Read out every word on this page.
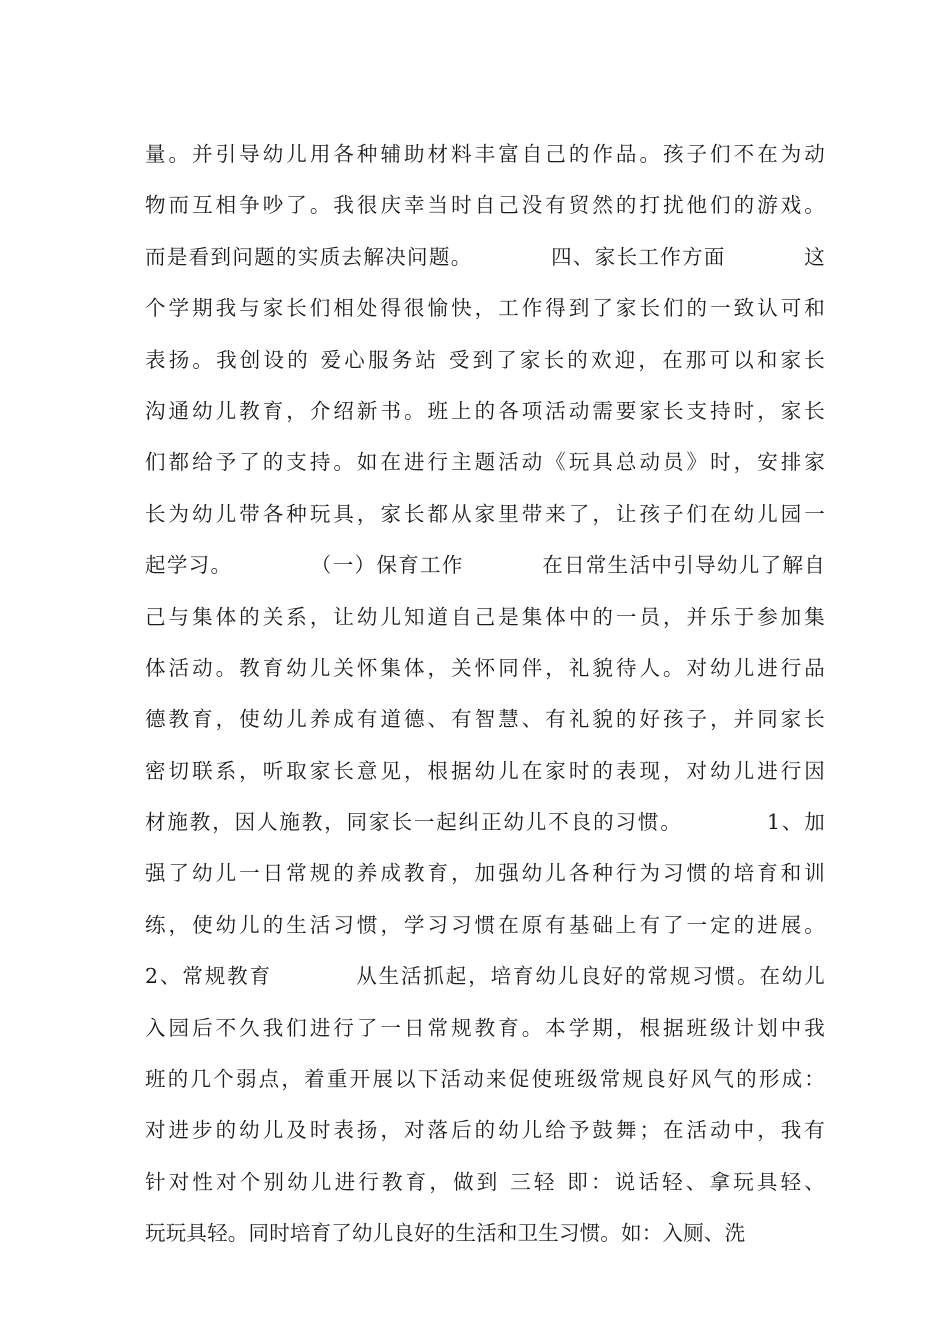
量。并引导幼儿用各种辅助材料丰富自己的作品。孩子们不在为动
物而互相争吵了。我很庆幸当时自己没有贸然的打扰他们的游戏。
而是看到问题的实质去解决问题。          四、家长工作方面          这
个学期我与家长们相处得很愉快，工作得到了家长们的一致认可和
表扬。我创设的 爱心服务站 受到了家长的欢迎，在那可以和家长
沟通幼儿教育，介绍新书。班上的各项活动需要家长支持时，家长
们都给予了的支持。如在进行主题活动《玩具总动员》时，安排家
长为幼儿带各种玩具，家长都从家里带来了，让孩子们在幼儿园一
起学习。          （一）保育工作          在日常生活中引导幼儿了解自
己与集体的关系，让幼儿知道自己是集体中的一员，并乐于参加集
体活动。教育幼儿关怀集体，关怀同伴，礼貌待人。对幼儿进行品
德教育，使幼儿养成有道德、有智慧、有礼貌的好孩子，并同家长
密切联系，听取家长意见，根据幼儿在家时的表现，对幼儿进行因
材施教，因人施教，同家长一起纠正幼儿不良的习惯。          1、加
强了幼儿一日常规的养成教育，加强幼儿各种行为习惯的培育和训
练，使幼儿的生活习惯，学习习惯在原有基础上有了一定的进展。
2、常规教育          从生活抓起，培育幼儿良好的常规习惯。在幼儿
入园后不久我们进行了一日常规教育。本学期，根据班级计划中我
班的几个弱点，着重开展以下活动来促使班级常规良好风气的形成：
对进步的幼儿及时表扬，对落后的幼儿给予鼓舞；在活动中，我有
针对性对个别幼儿进行教育，做到 三轻 即：说话轻、拿玩具轻、
玩玩具轻。同时培育了幼儿良好的生活和卫生习惯。如：入厕、洗
